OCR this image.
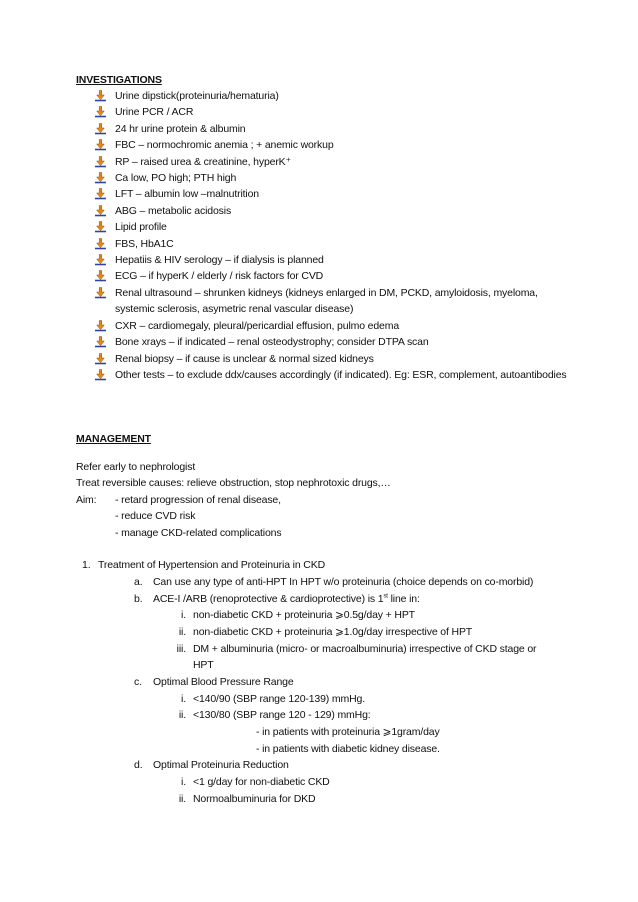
INVESTIGATIONS
Urine dipstick(proteinuria/hematuria)
Urine PCR / ACR
24 hr urine protein & albumin
FBC – normochromic anemia ; + anemic workup
RP – raised urea & creatinine, hyperK⁺
Ca low, PO high; PTH high
LFT – albumin low –malnutrition
ABG – metabolic acidosis
Lipid profile
FBS, HbA1C
Hepatiis & HIV serology – if dialysis is planned
ECG – if hyperK / elderly / risk factors for CVD
Renal ultrasound – shrunken kidneys (kidneys enlarged in DM, PCKD, amyloidosis, myeloma, systemic sclerosis, asymetric renal vascular disease)
CXR – cardiomegaly, pleural/pericardial effusion, pulmo edema
Bone xrays – if indicated – renal osteodystrophy; consider DTPA scan
Renal biopsy – if cause is unclear & normal sized kidneys
Other tests – to exclude ddx/causes accordingly (if indicated). Eg: ESR, complement, autoantibodies
MANAGEMENT
Refer early to nephrologist
Treat reversible causes: relieve obstruction, stop nephrotoxic drugs,…
Aim: - retard progression of renal disease,
- reduce CVD risk
- manage CKD-related complications
1. Treatment of Hypertension and Proteinuria in CKD
a. Can use any type of anti-HPT In HPT w/o proteinuria (choice depends on co-morbid)
b. ACE-I /ARB (renoprotective & cardioprotective) is 1st line in:
i. non-diabetic CKD + proteinuria ⩾0.5g/day + HPT
ii. non-diabetic CKD + proteinuria ⩾1.0g/day irrespective of HPT
iii. DM + albuminuria (micro- or macroalbuminuria) irrespective of CKD stage or
HPT
c. Optimal Blood Pressure Range
i. <140/90 (SBP range 120-139) mmHg.
ii. <130/80 (SBP range 120 - 129) mmHg:
- in patients with proteinuria ⩾1gram/day
- in patients with diabetic kidney disease.
d. Optimal Proteinuria Reduction
i. <1 g/day for non-diabetic CKD
ii. Normoalbuminuria for DKD
